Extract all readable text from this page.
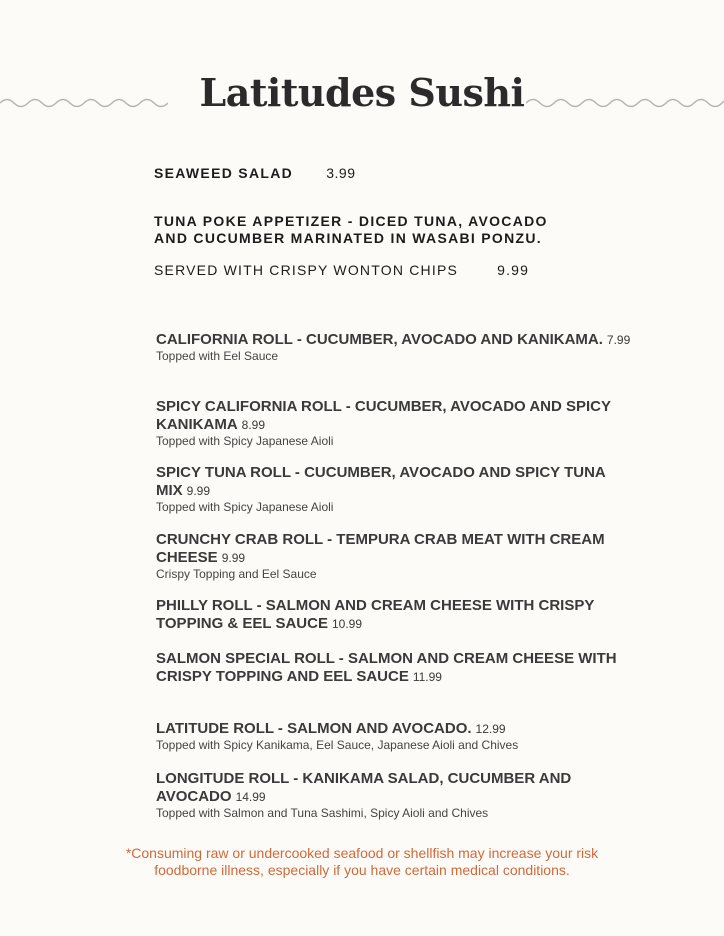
Latitudes Sushi
SEAWEED SALAD 3.99
TUNA POKE APPETIZER - DICED TUNA, AVOCADO AND CUCUMBER MARINATED IN WASABI PONZU.
SERVED WITH CRISPY WONTON CHIPS	9.99
CALIFORNIA ROLL - CUCUMBER, AVOCADO AND KANIKAMA. 7.99
Topped with Eel Sauce
SPICY CALIFORNIA ROLL - CUCUMBER, AVOCADO AND SPICY KANIKAMA 8.99
Topped with Spicy Japanese Aioli
SPICY TUNA ROLL - CUCUMBER, AVOCADO AND SPICY TUNA MIX 9.99
Topped with Spicy Japanese Aioli
CRUNCHY CRAB ROLL - TEMPURA CRAB MEAT WITH CREAM CHEESE 9.99
Crispy Topping and Eel Sauce
PHILLY ROLL - SALMON AND CREAM CHEESE WITH CRISPY TOPPING & EEL SAUCE 10.99
SALMON SPECIAL ROLL - SALMON AND CREAM CHEESE WITH CRISPY TOPPING AND EEL SAUCE 11.99
LATITUDE ROLL - SALMON AND AVOCADO. 12.99
Topped with Spicy Kanikama, Eel Sauce, Japanese Aioli and Chives
LONGITUDE ROLL - KANIKAMA SALAD, CUCUMBER AND AVOCADO 14.99
Topped with Salmon and Tuna Sashimi, Spicy Aioli and Chives
*Consuming raw or undercooked seafood or shellfish may increase your risk
foodborne illness, especially if you have certain medical conditions.
